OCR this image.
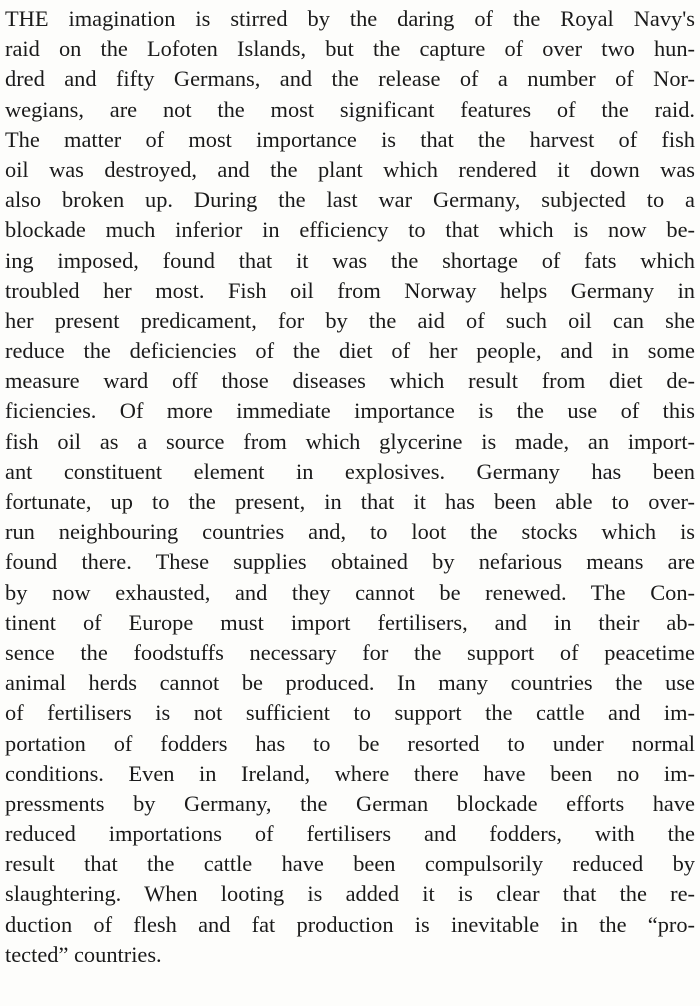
THE imagination is stirred by the daring of the Royal Navy's
raid on the Lofoten Islands, but the capture of over two hun-
dred and fifty Germans, and the release of a number of Nor-
wegians, are not the most significant features of the raid.
The matter of most importance is that the harvest of fish
oil was destroyed, and the plant which rendered it down was
also broken up. During the last war Germany, subjected to a
blockade much inferior in efficiency to that which is now be-
ing imposed, found that it was the shortage of fats which
troubled her most. Fish oil from Norway helps Germany in
her present predicament, for by the aid of such oil can she
reduce the deficiencies of the diet of her people, and in some
measure ward off those diseases which result from diet de-
ficiencies. Of more immediate importance is the use of this
fish oil as a source from which glycerine is made, an import-
ant constituent element in explosives. Germany has been
fortunate, up to the present, in that it has been able to over-
run neighbouring countries and, to loot the stocks which is
found there. These supplies obtained by nefarious means are
by now exhausted, and they cannot be renewed. The Con-
tinent of Europe must import fertilisers, and in their ab-
sence the foodstuffs necessary for the support of peacetime
animal herds cannot be produced. In many countries the use
of fertilisers is not sufficient to support the cattle and im-
portation of fodders has to be resorted to under normal
conditions. Even in Ireland, where there have been no im-
pressments by Germany, the German blockade efforts have
reduced importations of fertilisers and fodders, with the
result that the cattle have been compulsorily reduced by
slaughtering. When looting is added it is clear that the re-
duction of flesh and fat production is inevitable in the “pro-
tected” countries.
